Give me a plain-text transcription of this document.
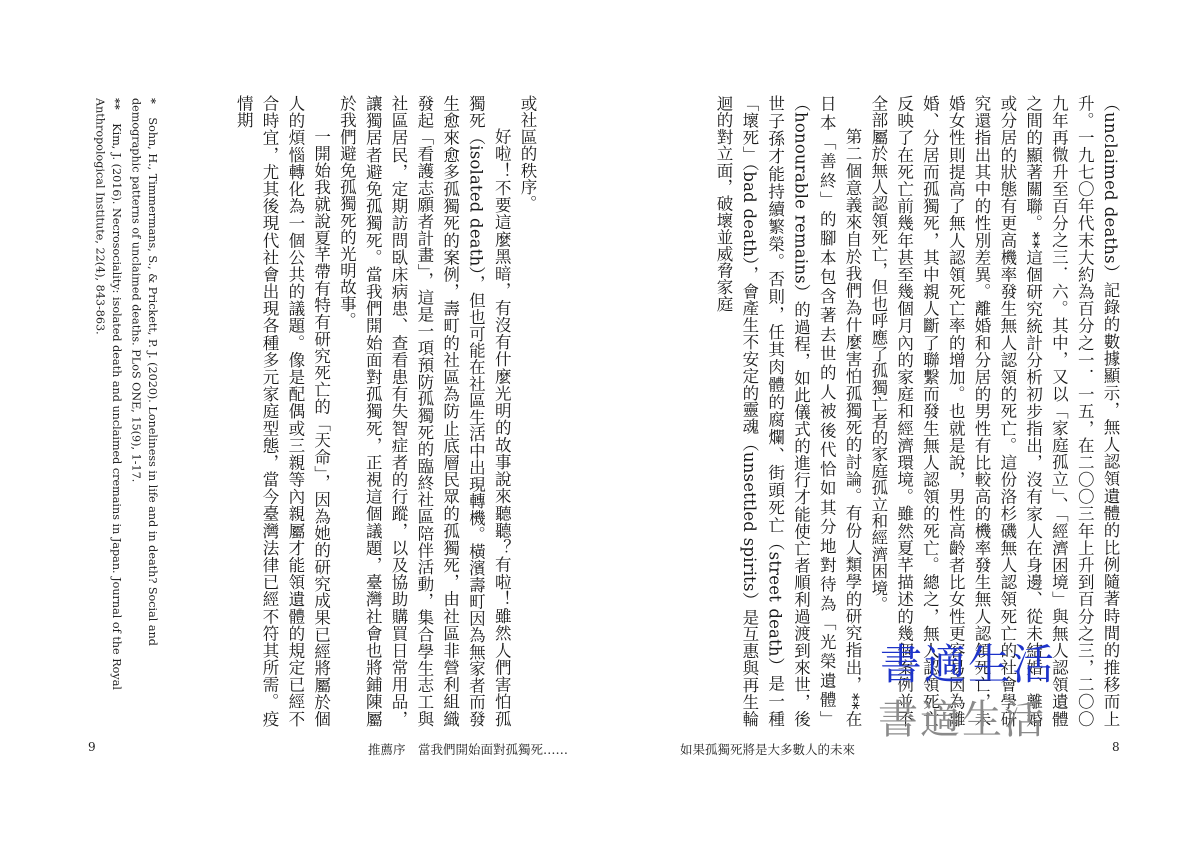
或社區的秩序。

好啦！不要這麼黑暗，有沒有什麼光明的故事說來聽聽？有啦！雖然人們害怕孤獨死（isolated death），但也可能在社區生活中出現轉機。橫濱壽町因為無家者而發生愈來愈多孤獨死的案例，壽町的社區為防止底層民眾的孤獨死，由社區非營利組織發起「看護志願者計畫」，這是一項預防孤獨死的臨終社區陪伴活動，集合學生志工與社區居民，定期訪問臥床病患、查看患有失智症者的行蹤，以及協助購買日常用品，讓獨居者避免孤獨死。當我們開始面對孤獨死，正視這個議題，臺灣社會也將鋪陳屬於我們避免孤獨死的光明故事。

一開始我就說夏芊帶有特有研究死亡的「天命」，因為她的研究成果已經將屬於個人的煩惱轉化為一個公共的議題。像是配偶或三親等內親屬才能領遺體的規定已經不合時宜，尤其後現代社會出現各種多元家庭型態，當今臺灣法律已經不符其所需。疫情期

* Sohn, H., Timmermans, S., & Prickett, P. J. (2020). Loneliness in life and in death? Social and demographic patterns of unclaimed deaths. PLoS ONE, 15(9), 1-17.

** Kim, J. (2016). Necrosociality: isolated death and unclaimed cremains in Japan. Journal of the Royal Anthropological Institute, 22(4), 843-863.

9	推薦序　當我們開始面對孤獨死……

（unclaimed deaths）記錄的數據顯示，無人認領遺體的比例隨著時間的推移而上升。一九七〇年代末大約為百分之一．一五，在二〇〇三年上升到百分之三，二〇〇九年再微升至百分之三．六。其中，又以「家庭孤立」、「經濟困境」與無人認領遺體之間的顯著關聯。**這個研究統計分析初步指出，沒有家人在身邊、從未結婚、離婚或分居的狀態有更高機率發生無人認領的死亡。這份洛杉磯無人認領死亡的社會學研究還指出其中的性別差異。離婚和分居的男性有比較高的機率發生無人認領死亡，未婚女性則提高了無人認領死亡率的增加。也就是說，男性高齡者比女性更容易因為離婚、分居而孤獨死，其中親人斷了聯繫而發生無人認領的死亡。總之，無人認領死亡反映了在死亡前幾年甚至幾個月內的家庭和經濟環境。雖然夏芊描述的幾個案例並不全部屬於無人認領死亡，但也呼應了孤獨亡者的家庭孤立和經濟困境。

第二個意義來自於我們為什麼害怕孤獨死的討論。有份人類學的研究指出，**在日本「善終」的腳本包含著去世的人被後代恰如其分地對待為「光榮遺體」（honourable remains）的過程，如此儀式的進行才能使亡者順利過渡到來世，後世子孫才能持續繁榮。否則，任其肉體的腐爛、街頭死亡（street death）是一種「壞死」（bad death），會產生不安定的靈魂（unsettled spirits）是互惠與再生輪迴的對立面，破壞並威脅家庭

如果孤獨死將是大多數人的未來	8
書適生活
書適生活
